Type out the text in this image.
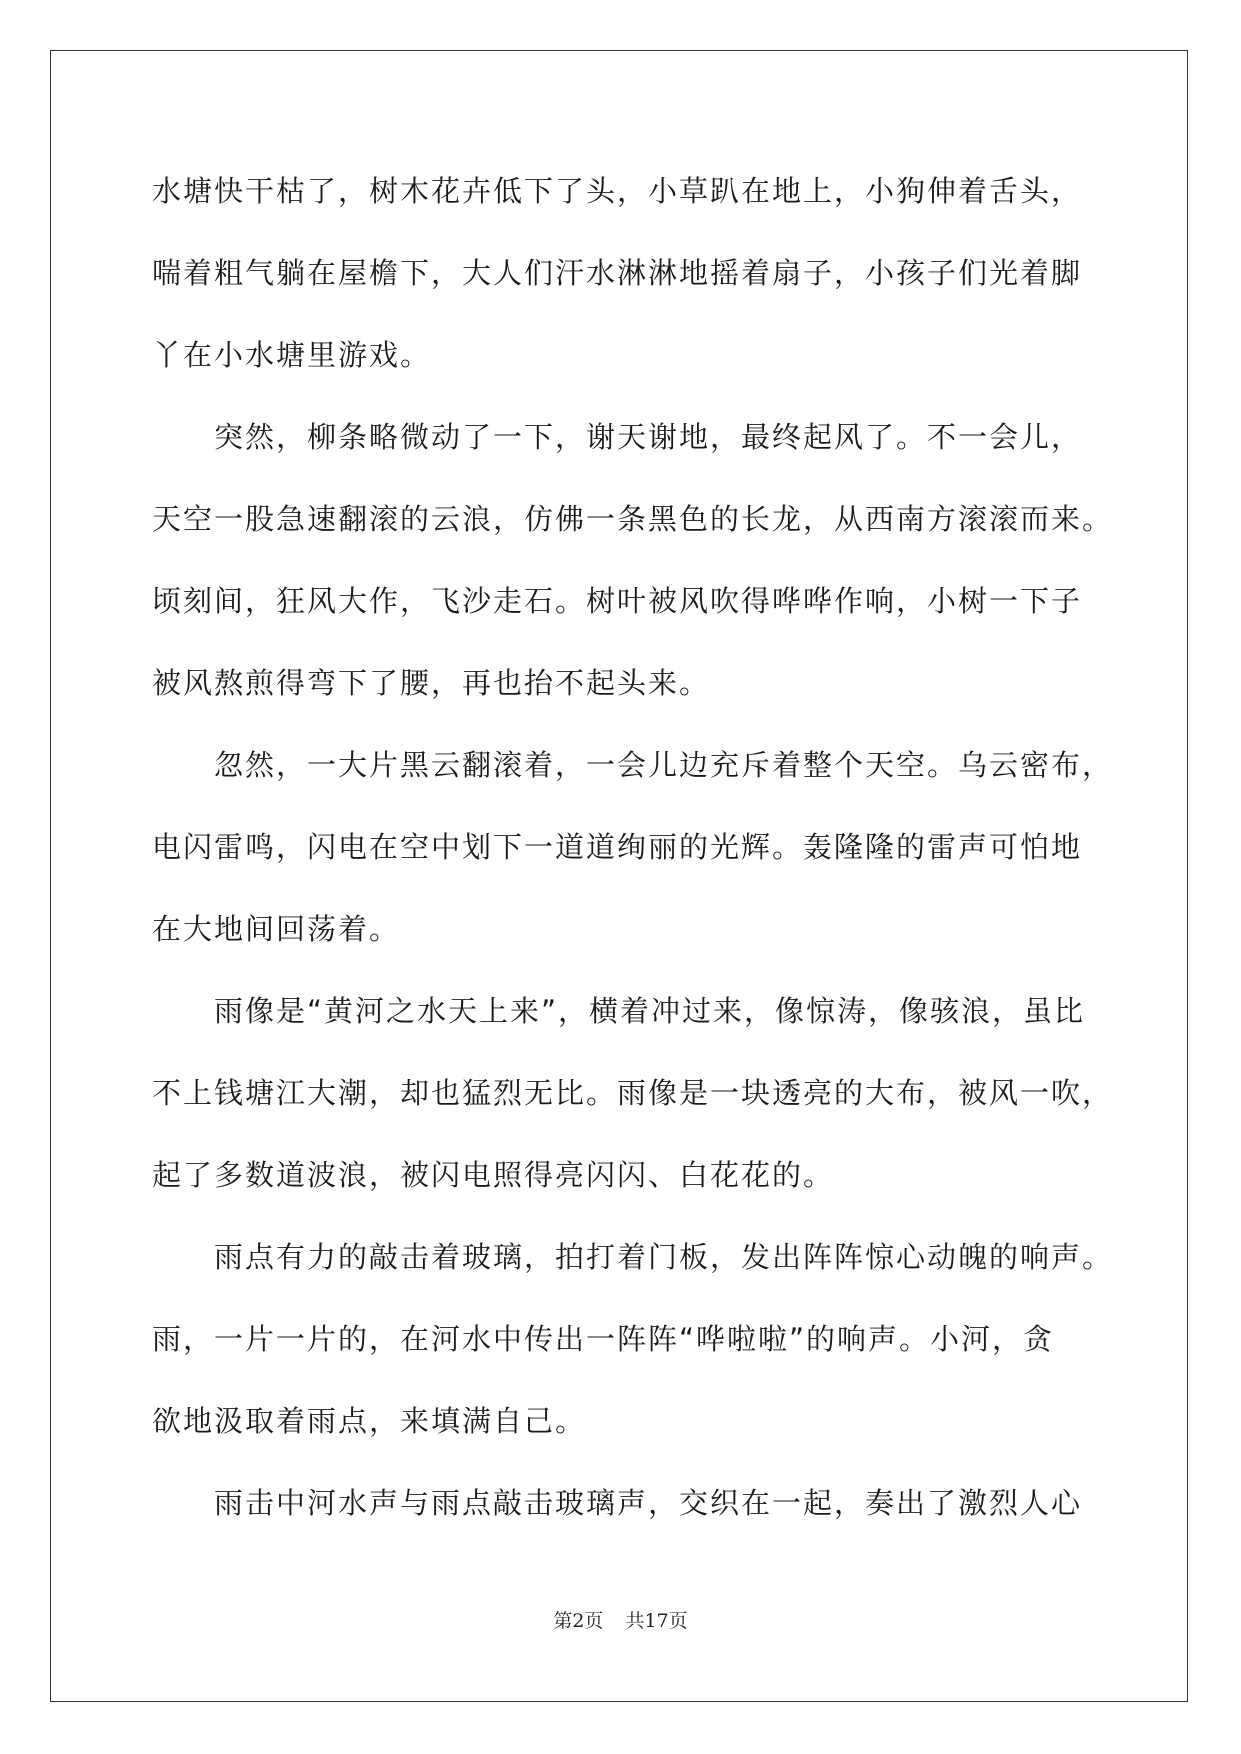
水塘快干枯了，树木花卉低下了头，小草趴在地上，小狗伸着舌头，
喘着粗气躺在屋檐下，大人们汗水淋淋地摇着扇子，小孩子们光着脚
丫在小水塘里游戏。
突然，柳条略微动了一下，谢天谢地，最终起风了。不一会儿，
天空一股急速翻滚的云浪，仿佛一条黑色的长龙，从西南方滚滚而来。
顷刻间，狂风大作，飞沙走石。树叶被风吹得哗哗作响，小树一下子
被风熬煎得弯下了腰，再也抬不起头来。
忽然，一大片黑云翻滚着，一会儿边充斥着整个天空。乌云密布，
电闪雷鸣，闪电在空中划下一道道绚丽的光辉。轰隆隆的雷声可怕地
在大地间回荡着。
雨像是“黄河之水天上来”，横着冲过来，像惊涛，像骇浪，虽比
不上钱塘江大潮，却也猛烈无比。雨像是一块透亮的大布，被风一吹，
起了多数道波浪，被闪电照得亮闪闪、白花花的。
雨点有力的敲击着玻璃，拍打着门板，发出阵阵惊心动魄的响声。
雨，一片一片的，在河水中传出一阵阵“哗啦啦”的响声。小河，贪
欲地汲取着雨点，来填满自己。
雨击中河水声与雨点敲击玻璃声，交织在一起，奏出了激烈人心
第2页 共17页
